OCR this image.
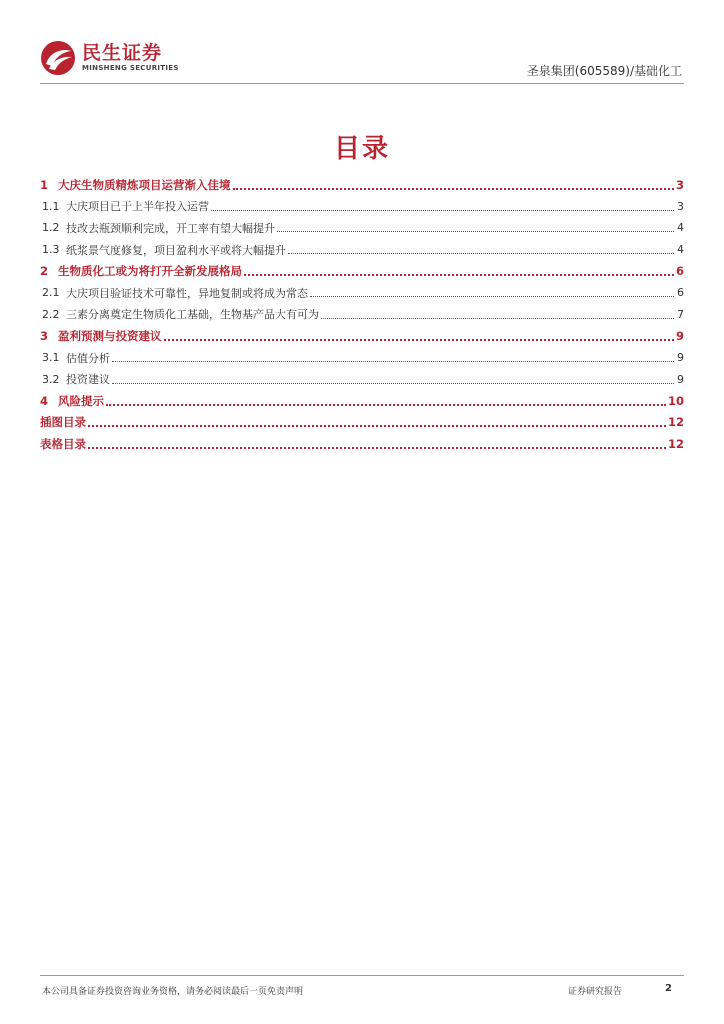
民生证券
MINSHENG SECURITIES	圣泉集团(605589)/基础化工
目录
1 大庆生物质精炼项目运营渐入佳境	3
1.1 大庆项目已于上半年投入运营	3
1.2 技改去瓶颈顺利完成，开工率有望大幅提升	4
1.3 纸浆景气度修复，项目盈利水平或将大幅提升	4
2 生物质化工或为将打开全新发展格局	6
2.1 大庆项目验证技术可靠性，异地复制或将成为常态	6
2.2 三素分离奠定生物质化工基础，生物基产品大有可为	7
3 盈利预测与投资建议	9
3.1 估值分析	9
3.2 投资建议	9
4 风险提示	10
插图目录	12
表格目录	12
本公司具备证券投资咨询业务资格，请务必阅读最后一页免责声明	证券研究报告	2
